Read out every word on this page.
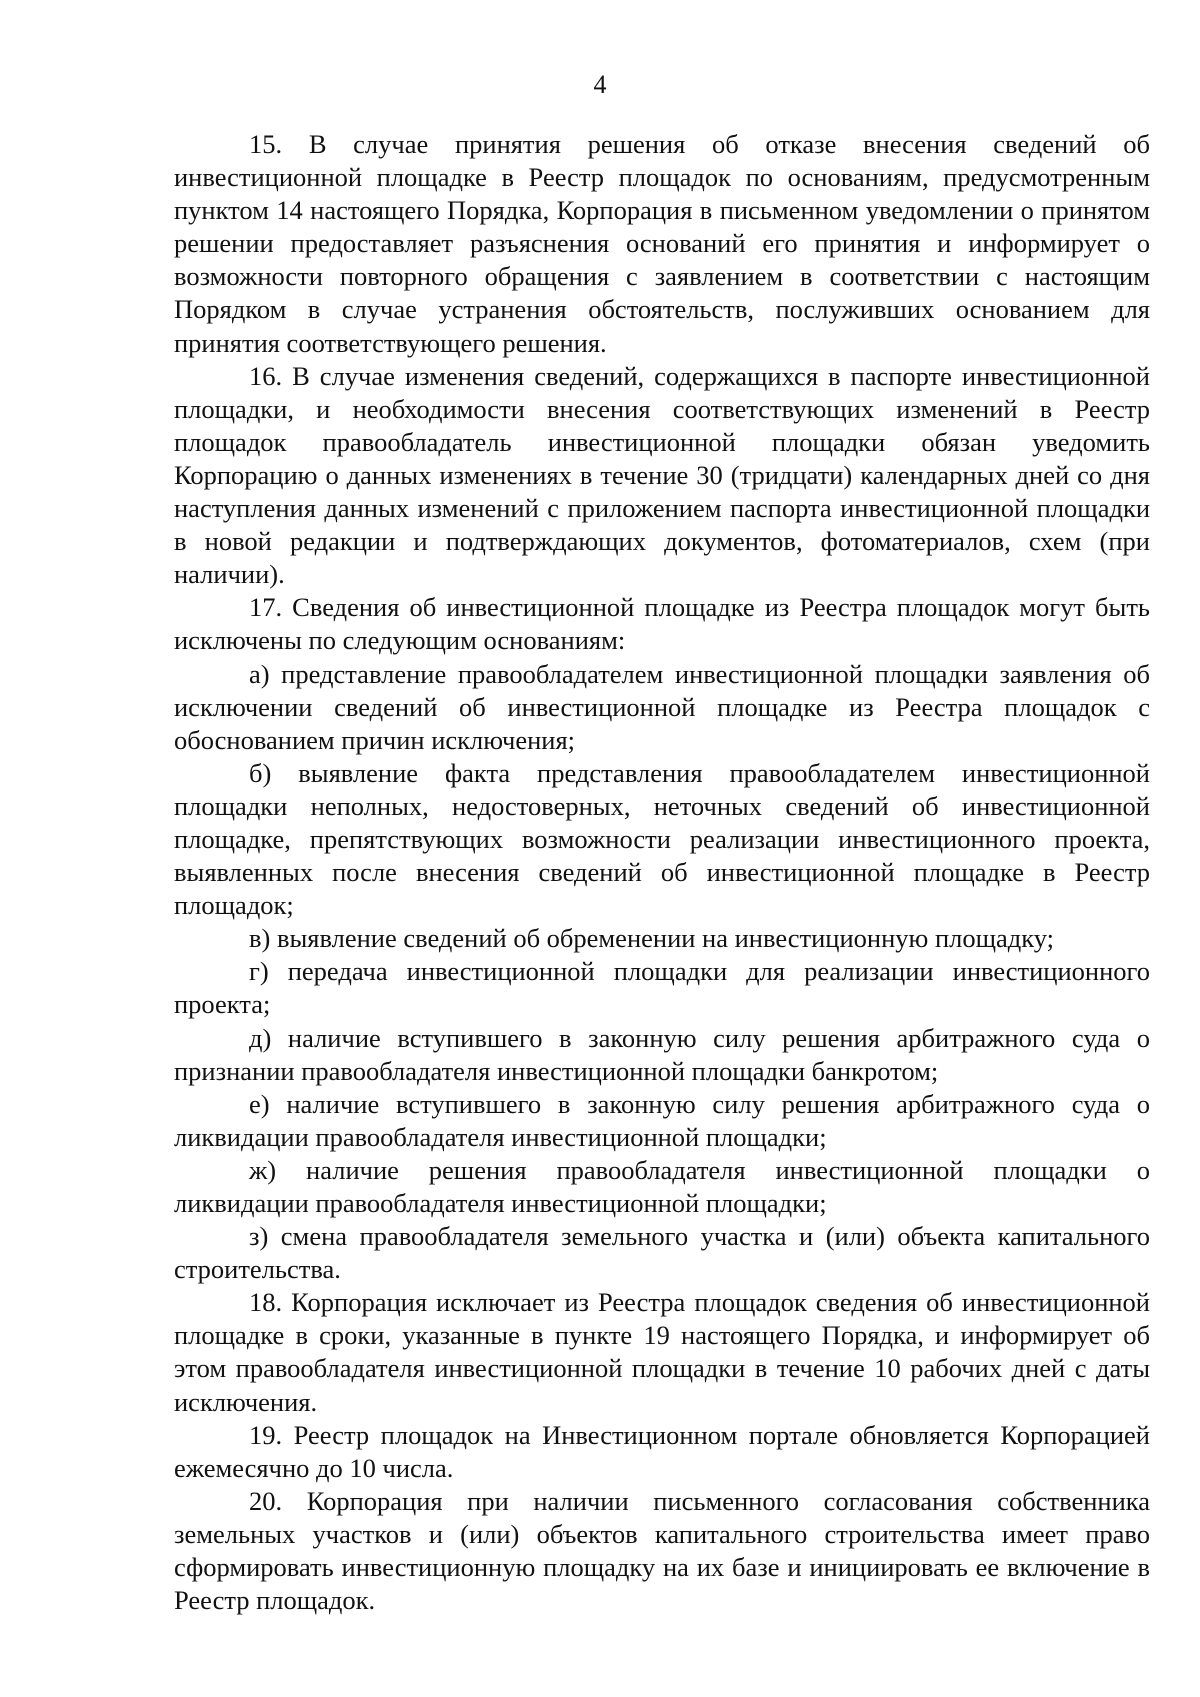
4

15. В случае принятия решения об отказе внесения сведений об инвестиционной площадке в Реестр площадок по основаниям, предусмотренным пунктом 14 настоящего Порядка, Корпорация в письменном уведомлении о принятом решении предоставляет разъяснения оснований его принятия и информирует о возможности повторного обращения с заявлением в соответствии с настоящим Порядком в случае устранения обстоятельств, послуживших основанием для принятия соответствующего решения.

16. В случае изменения сведений, содержащихся в паспорте инвестиционной площадки, и необходимости внесения соответствующих изменений в Реестр площадок правообладатель инвестиционной площадки обязан уведомить Корпорацию о данных изменениях в течение 30 (тридцати) календарных дней со дня наступления данных изменений с приложением паспорта инвестиционной площадки в новой редакции и подтверждающих документов, фотоматериалов, схем (при наличии).

17. Сведения об инвестиционной площадке из Реестра площадок могут быть исключены по следующим основаниям:

а) представление правообладателем инвестиционной площадки заявления об исключении сведений об инвестиционной площадке из Реестра площадок с обоснованием причин исключения;

б) выявление факта представления правообладателем инвестиционной площадки неполных, недостоверных, неточных сведений об инвестиционной площадке, препятствующих возможности реализации инвестиционного проекта, выявленных после внесения сведений об инвестиционной площадке в Реестр площадок;

в) выявление сведений об обременении на инвестиционную площадку;

г) передача инвестиционной площадки для реализации инвестиционного проекта;

д) наличие вступившего в законную силу решения арбитражного суда о признании правообладателя инвестиционной площадки банкротом;

е) наличие вступившего в законную силу решения арбитражного суда о ликвидации правообладателя инвестиционной площадки;

ж) наличие решения правообладателя инвестиционной площадки о ликвидации правообладателя инвестиционной площадки;

з) смена правообладателя земельного участка и (или) объекта капитального строительства.

18. Корпорация исключает из Реестра площадок сведения об инвестиционной площадке в сроки, указанные в пункте 19 настоящего Порядка, и информирует об этом правообладателя инвестиционной площадки в течение 10 рабочих дней с даты исключения.

19. Реестр площадок на Инвестиционном портале обновляется Корпорацией ежемесячно до 10 числа.

20. Корпорация при наличии письменного согласования собственника земельных участков и (или) объектов капитального строительства имеет право сформировать инвестиционную площадку на их базе и инициировать ее включение в Реестр площадок.
